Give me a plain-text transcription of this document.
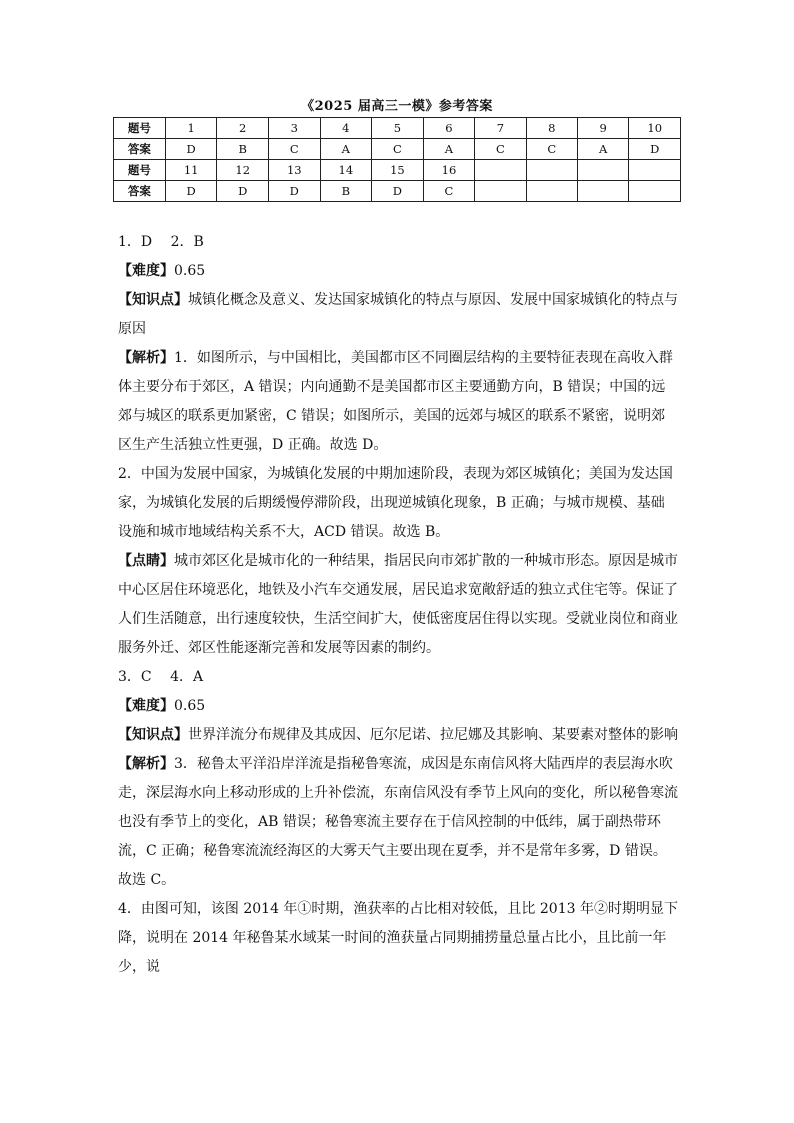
《2025 届高三一模》参考答案
题号	1	2	3	4	5	6	7	8	9	10
答案	D	B	C	A	C	A	C	C	A	D
题号	11	12	13	14	15	16				
答案	D	D	D	B	D	C				

1．D　 2．B

【难度】0.65

【知识点】城镇化概念及意义、发达国家城镇化的特点与原因、发展中国家城镇化的特点与原因

【解析】1．如图所示，与中国相比，美国都市区不同圈层结构的主要特征表现在高收入群体主要分布于郊区，A 错误；内向通勤不是美国都市区主要通勤方向，B 错误；中国的远郊与城区的联系更加紧密，C 错误；如图所示，美国的远郊与城区的联系不紧密，说明郊区生产生活独立性更强，D 正确。故选 D。

2．中国为发展中国家，为城镇化发展的中期加速阶段，表现为郊区城镇化；美国为发达国家，为城镇化发展的后期缓慢停滞阶段，出现逆城镇化现象，B 正确；与城市规模、基础设施和城市地域结构关系不大，ACD 错误。故选 B。

【点睛】城市郊区化是城市化的一种结果，指居民向市郊扩散的一种城市形态。原因是城市中心区居住环境恶化，地铁及小汽车交通发展，居民追求宽敞舒适的独立式住宅等。保证了人们生活随意，出行速度较快，生活空间扩大，使低密度居住得以实现。受就业岗位和商业服务外迁、郊区性能逐渐完善和发展等因素的制约。

3．C　 4．A

【难度】0.65

【知识点】世界洋流分布规律及其成因、厄尔尼诺、拉尼娜及其影响、某要素对整体的影响

【解析】3．秘鲁太平洋沿岸洋流是指秘鲁寒流，成因是东南信风将大陆西岸的表层海水吹走，深层海水向上移动形成的上升补偿流，东南信风没有季节上风向的变化，所以秘鲁寒流也没有季节上的变化，AB 错误；秘鲁寒流主要存在于信风控制的中低纬，属于副热带环流，C 正确；秘鲁寒流流经海区的大雾天气主要出现在夏季，并不是常年多雾，D 错误。故选 C。

4．由图可知，该图 2014 年①时期，渔获率的占比相对较低，且比 2013 年②时期明显下降，说明在 2014 年秘鲁某水域某一时间的渔获量占同期捕捞量总量占比小，且比前一年少，说
